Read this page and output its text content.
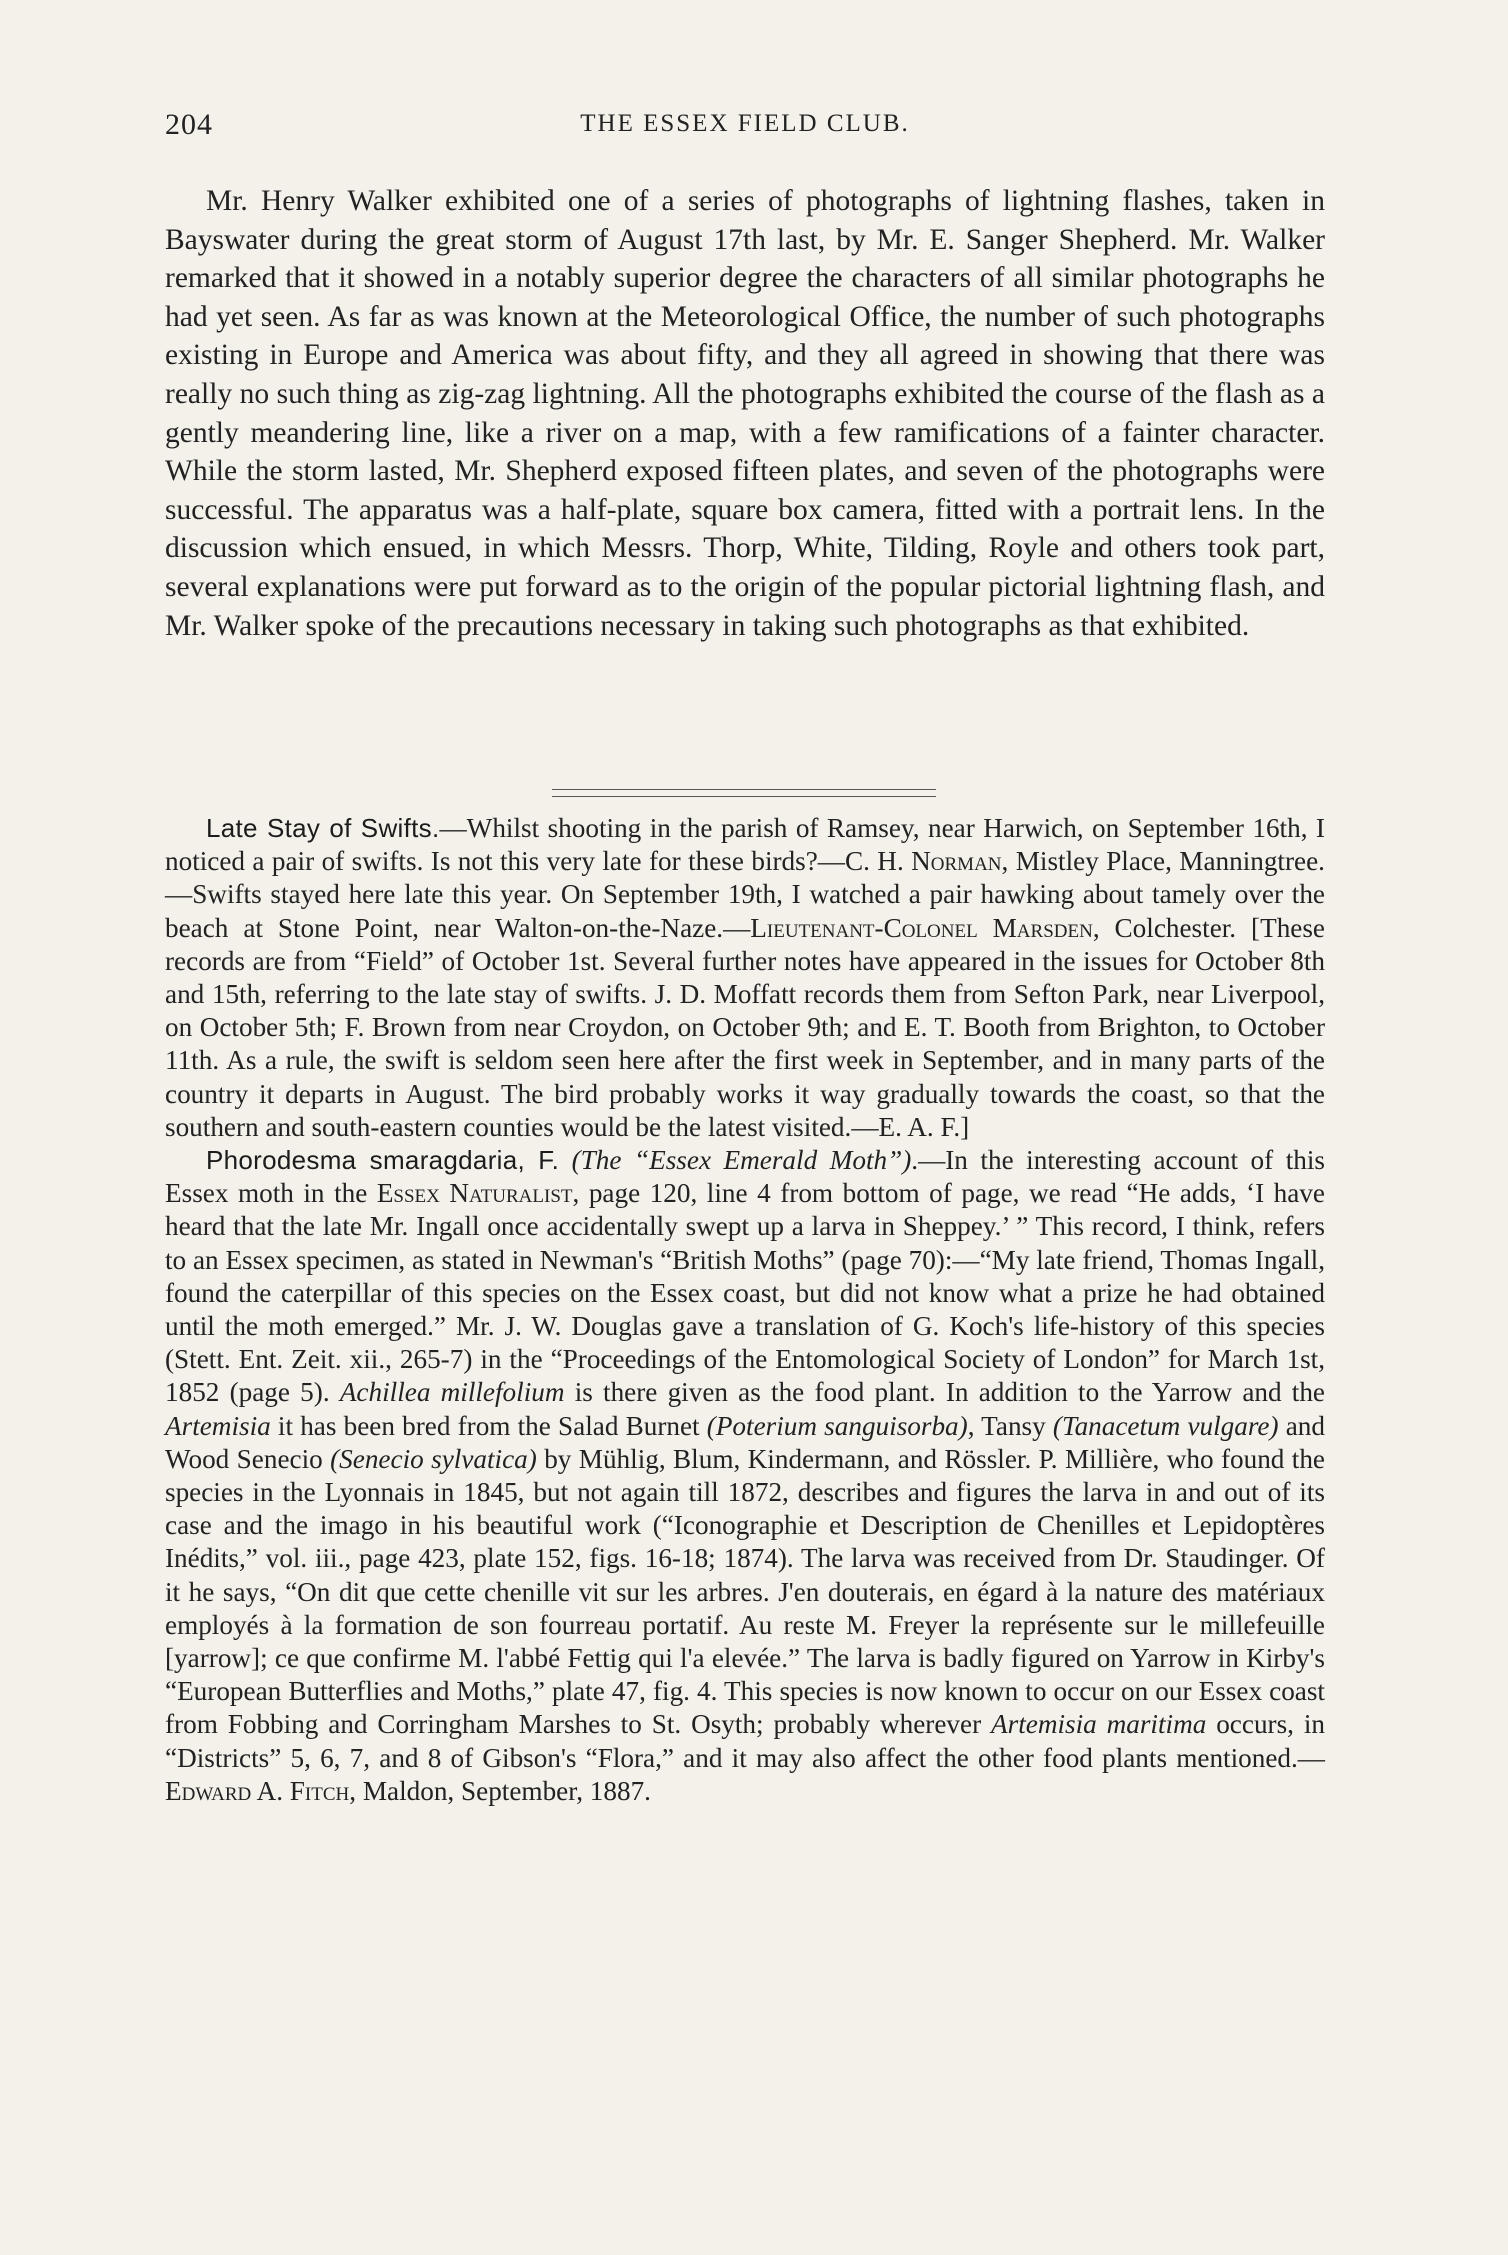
204	THE ESSEX FIELD CLUB.
Mr. Henry Walker exhibited one of a series of photographs of lightning flashes, taken in Bayswater during the great storm of August 17th last, by Mr. E. Sanger Shepherd. Mr. Walker remarked that it showed in a notably superior degree the characters of all similar photographs he had yet seen. As far as was known at the Meteorological Office, the number of such photographs existing in Europe and America was about fifty, and they all agreed in showing that there was really no such thing as zig-zag lightning. All the photographs exhibited the course of the flash as a gently meandering line, like a river on a map, with a few ramifications of a fainter character. While the storm lasted, Mr. Shepherd exposed fifteen plates, and seven of the photographs were successful. The apparatus was a half-plate, square box camera, fitted with a portrait lens. In the discussion which ensued, in which Messrs. Thorp, White, Tilding, Royle and others took part, several explanations were put forward as to the origin of the popular pictorial lightning flash, and Mr. Walker spoke of the precautions necessary in taking such photographs as that exhibited.

Late Stay of Swifts.—Whilst shooting in the parish of Ramsey, near Harwich, on September 16th, I noticed a pair of swifts. Is not this very late for these birds?—C. H. Norman, Mistley Place, Manningtree.—Swifts stayed here late this year. On September 19th, I watched a pair hawking about tamely over the beach at Stone Point, near Walton-on-the-Naze.—Lieutenant-Colonel Marsden, Colchester. [These records are from “Field” of October 1st. Several further notes have appeared in the issues for October 8th and 15th, referring to the late stay of swifts. J. D. Moffatt records them from Sefton Park, near Liverpool, on October 5th; F. Brown from near Croydon, on October 9th; and E. T. Booth from Brighton, to October 11th. As a rule, the swift is seldom seen here after the first week in September, and in many parts of the country it departs in August. The bird probably works it way gradually towards the coast, so that the southern and south-eastern counties would be the latest visited.—E. A. F.]

Phorodesma smaragdaria, F. (The “Essex Emerald Moth”).—In the interesting account of this Essex moth in the Essex Naturalist, page 120, line 4 from bottom of page, we read “He adds, ‘I have heard that the late Mr. Ingall once accidentally swept up a larva in Sheppey.’ ” This record, I think, refers to an Essex specimen, as stated in Newman's “British Moths” (page 70):—“My late friend, Thomas Ingall, found the caterpillar of this species on the Essex coast, but did not know what a prize he had obtained until the moth emerged.” Mr. J. W. Douglas gave a translation of G. Koch's life-history of this species (Stett. Ent. Zeit. xii., 265-7) in the “Proceedings of the Entomological Society of London” for March 1st, 1852 (page 5). Achillea millefolium is there given as the food plant. In addition to the Yarrow and the Artemisia it has been bred from the Salad Burnet (Poterium sanguisorba), Tansy (Tanacetum vulgare) and Wood Senecio (Senecio sylvatica) by Mühlig, Blum, Kindermann, and Rössler. P. Millière, who found the species in the Lyonnais in 1845, but not again till 1872, describes and figures the larva in and out of its case and the imago in his beautiful work (“Iconographie et Description de Chenilles et Lepidoptères Inédits,” vol. iii., page 423, plate 152, figs. 16-18; 1874). The larva was received from Dr. Staudinger. Of it he says, “On dit que cette chenille vit sur les arbres. J'en douterais, en égard à la nature des matériaux employés à la formation de son fourreau portatif. Au reste M. Freyer la représente sur le millefeuille [yarrow]; ce que confirme M. l'abbé Fettig qui l'a elevée.” The larva is badly figured on Yarrow in Kirby's “European Butterflies and Moths,” plate 47, fig. 4. This species is now known to occur on our Essex coast from Fobbing and Corringham Marshes to St. Osyth; probably wherever Artemisia maritima occurs, in “Districts” 5, 6, 7, and 8 of Gibson's “Flora,” and it may also affect the other food plants mentioned.—Edward A. Fitch, Maldon, September, 1887.
